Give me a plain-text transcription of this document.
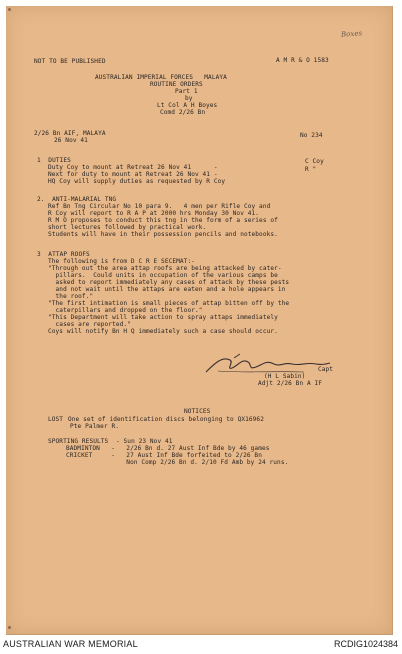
NOT TO BE PUBLISHED	A M R & O 1583
Boxes
AUSTRALIAN IMPERIAL FORCES   MALAYA
ROUTINE ORDERS
Part 1
by
Lt Col A H Boyes
Comd 2/26 Bn
2/26 Bn AIF, MALAYA
26 Nov 41
No 234
1  DUTIES
Duty Coy to mount at Retreat 26 Nov 41      -
Next for duty to mount at Retreat 26 Nov 41 -
HQ Coy will supply duties as requested by R Coy
C Coy
R "
2.  ANTI-MALARIAL TNG
Ref Bn Tng Circular No 10 para 9.   4 men per Rifle Coy and
R Coy will report to R A P at 2000 hrs Monday 30 Nov 41.
R M O proposes to conduct this tng in the form of a series of
short lectures followed by practical work.
Students will have in their possession pencils and notebooks.
3  ATTAP ROOFS
The following is from D C R E SECEMAT:-
"Through out the area attap roofs are being attacked by cater-
pillars.  Could units in occupation of the various camps be
asked to report immediately any cases of attack by these pests
and not wait until the attaps are eaten and a hole appears in
the roof."
"The first intimation is small pieces of attap bitten off by the
caterpillars and dropped on the floor."
"This Department will take action to spray attaps immediately
cases are reported."
Coys will notify Bn H Q immediately such a case should occur.
Capt
(H L Sabin)
Adjt 2/26 Bn A IF
NOTICES
LOST One set of identification discs belonging to QX16962
Pte Palmer R.
SPORTING RESULTS - Sun 23 Nov 41
BADMINTON   -   2/26 Bn d. 27 Aust Inf Bde by 46 games
CRICKET     -   27 Aust Inf Bde forfeited to 2/26 Bn
Non Comp 2/26 Bn d. 2/10 Fd Amb by 24 runs.
AUSTRALIAN WAR MEMORIAL	RCDIG1024384
